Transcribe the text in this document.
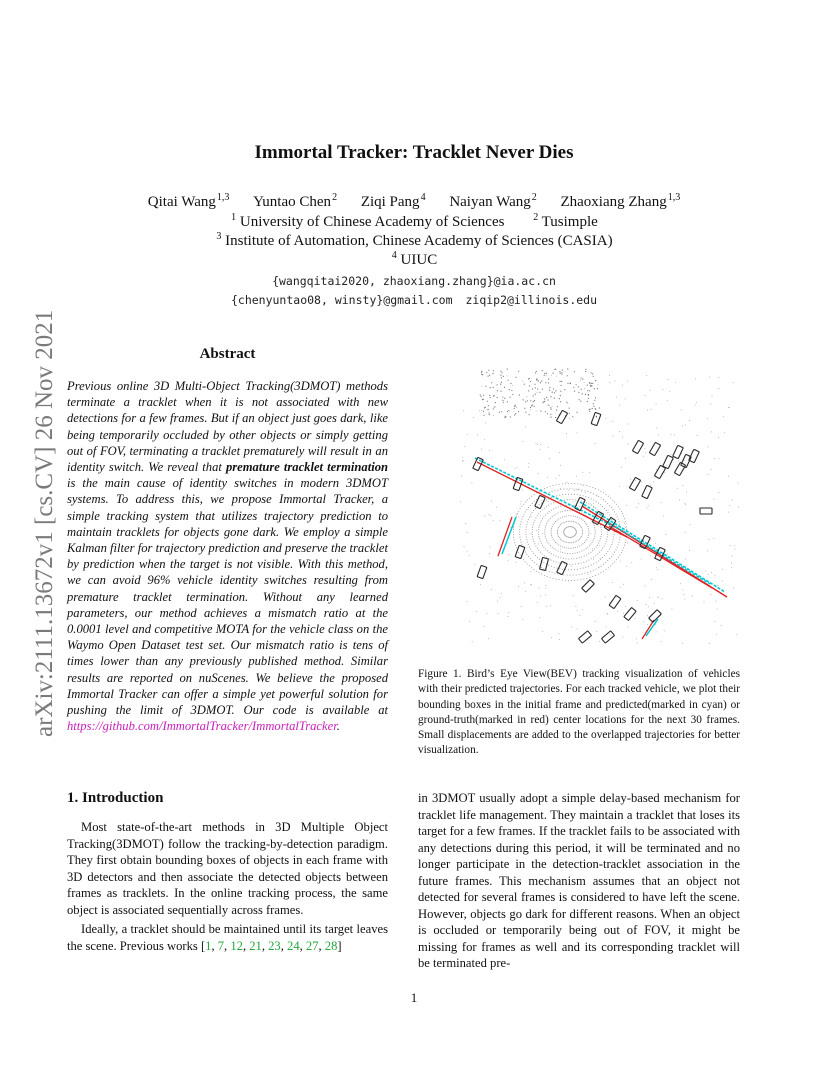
arXiv:2111.13672v1 [cs.CV] 26 Nov 2021
Immortal Tracker: Tracklet Never Dies
Qitai Wang$^{1,3}$ Yuntao Chen$^2$ Ziqi Pang$^4$ Naiyan Wang$^2$ Zhaoxiang Zhang$^{1,3}$
$^1$ University of Chinese Academy of Sciences	$^2$ Tusimple
$^3$ Institute of Automation, Chinese Academy of Sciences (CASIA)
$^4$ UIUC
{wangqitai2020, zhaoxiang.zhang}@ia.ac.cn
{chenyuntao08, winsty}@gmail.com ziqip2@illinois.edu
Abstract
Previous online 3D Multi-Object Tracking(3DMOT) methods terminate a tracklet when it is not associated with new detections for a few frames. But if an object just goes dark, like being temporarily occluded by other objects or simply getting out of FOV, terminating a tracklet prematurely will result in an identity switch. We reveal that premature tracklet termination is the main cause of identity switches in modern 3DMOT systems. To address this, we propose Immortal Tracker, a simple tracking system that utilizes trajectory prediction to maintain tracklets for objects gone dark. We employ a simple Kalman filter for trajectory prediction and preserve the tracklet by prediction when the target is not visible. With this method, we can avoid 96% vehicle identity switches resulting from premature tracklet termination. Without any learned parameters, our method achieves a mismatch ratio at the 0.0001 level and competitive MOTA for the vehicle class on the Waymo Open Dataset test set. Our mismatch ratio is tens of times lower than any previously published method. Similar results are reported on nuScenes. We believe the proposed Immortal Tracker can offer a simple yet powerful solution for pushing the limit of 3DMOT. Our code is available at https://github.com/ImmortalTracker/ImmortalTracker.
Figure 1. Bird’s Eye View(BEV) tracking visualization of vehicles with their predicted trajectories. For each tracked vehicle, we plot their bounding boxes in the initial frame and predicted(marked in cyan) or ground-truth(marked in red) center locations for the next 30 frames. Small displacements are added to the overlapped trajectories for better visualization.
1. Introduction

Most state-of-the-art methods in 3D Multiple Object Tracking(3DMOT) follow the tracking-by-detection paradigm. They first obtain bounding boxes of objects in each frame with 3D detectors and then associate the detected objects between frames as tracklets. In the online tracking process, the same object is associated sequentially across frames.

Ideally, a tracklet should be maintained until its target leaves the scene. Previous works [1, 7, 12, 21, 23, 24, 27, 28]

in 3DMOT usually adopt a simple delay-based mechanism for tracklet life management. They maintain a tracklet that loses its target for a few frames. If the tracklet fails to be associated with any detections during this period, it will be terminated and no longer participate in the detection-tracklet association in the future frames. This mechanism assumes that an object not detected for several frames is considered to have left the scene. However, objects go dark for different reasons. When an object is occluded or temporarily being out of FOV, it might be missing for frames as well and its corresponding tracklet will be terminated pre-

1
